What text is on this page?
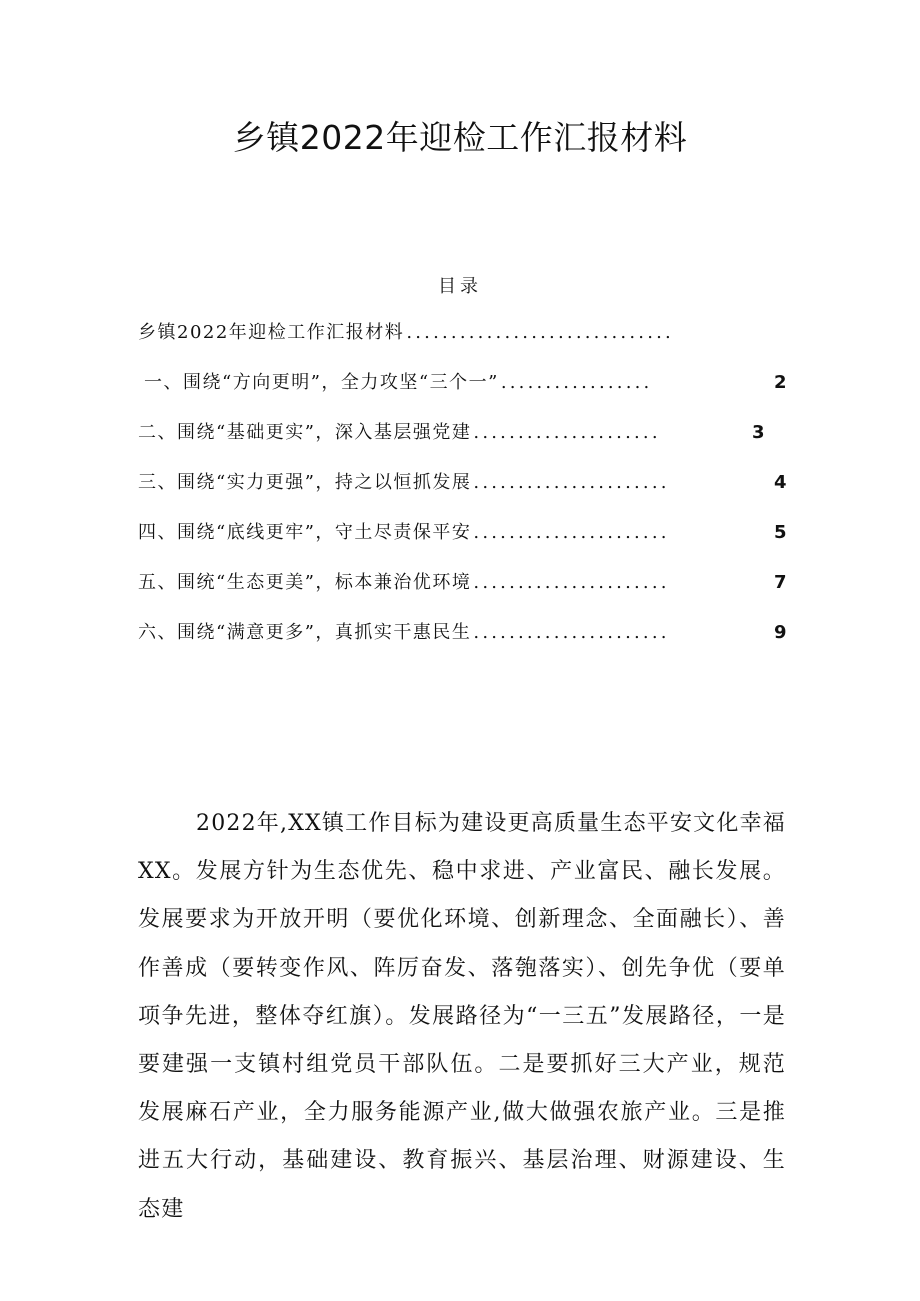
乡镇2022年迎检工作汇报材料
目录
乡镇2022年迎检工作汇报材料 ..............................
一、围绕“方向更明”，全力攻坚“三个一” .................	2
二、围绕“基础更实”，深入基层强党建 .....................	3
三、围绕“实力更强”，持之以恒抓发展 ......................	4
四、围绕“底线更牢”，守土尽责保平安 ......................	5
五、围统“生态更美”，标本兼治优环境 ......................	7
六、围绕“满意更多”，真抓实干惠民生 ......................	9

2022年,XX镇工作目标为建设更高质量生态平安文化幸福XX。发展方针为生态优先、稳中求进、产业富民、融长发展。发展要求为开放开明（要优化环境、创新理念、全面融长）、善作善成（要转变作风、阵厉奋发、落匏落实）、创先争优（要单项争先进，整体夺红旗）。发展路径为“一三五”发展路径，一是要建强一支镇村组党员干部队伍。二是要抓好三大产业，规范发展麻石产业，全力服务能源产业,做大做强农旅产业。三是推进五大行动，基础建设、教育振兴、基层治理、财源建设、生态建
